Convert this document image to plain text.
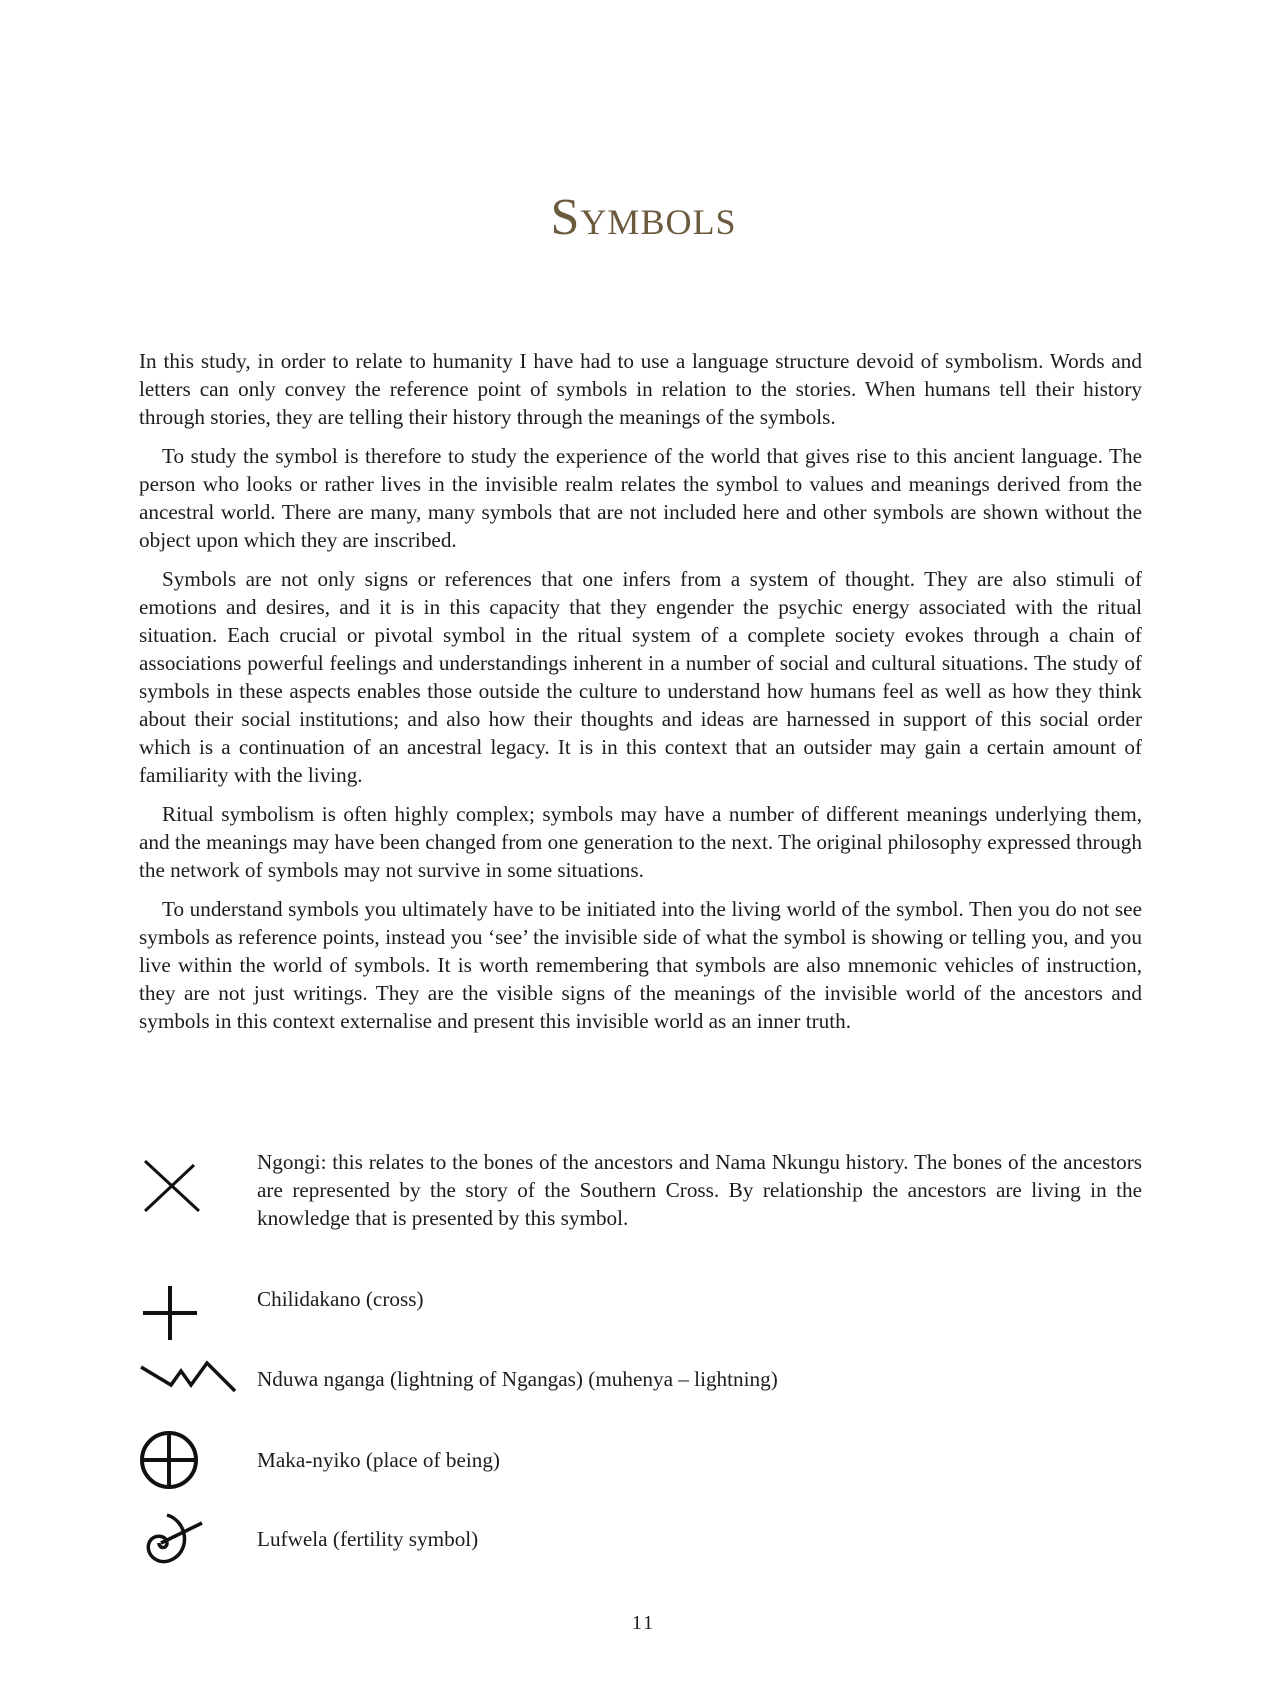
Symbols

In this study, in order to relate to humanity I have had to use a language structure devoid of symbolism. Words and letters can only convey the reference point of symbols in relation to the stories. When humans tell their history through stories, they are telling their history through the meanings of the symbols.

To study the symbol is therefore to study the experience of the world that gives rise to this ancient language. The person who looks or rather lives in the invisible realm relates the symbol to values and meanings derived from the ancestral world. There are many, many symbols that are not included here and other symbols are shown without the object upon which they are inscribed.

Symbols are not only signs or references that one infers from a system of thought. They are also stimuli of emotions and desires, and it is in this capacity that they engender the psychic energy associated with the ritual situation. Each crucial or pivotal symbol in the ritual system of a complete society evokes through a chain of associations powerful feelings and understandings inherent in a number of social and cultural situations. The study of symbols in these aspects enables those outside the culture to understand how humans feel as well as how they think about their social institutions; and also how their thoughts and ideas are harnessed in support of this social order which is a continuation of an ancestral legacy. It is in this context that an outsider may gain a certain amount of familiarity with the living.

Ritual symbolism is often highly complex; symbols may have a number of different meanings underlying them, and the meanings may have been changed from one generation to the next. The original philosophy expressed through the network of symbols may not survive in some situations.

To understand symbols you ultimately have to be initiated into the living world of the symbol. Then you do not see symbols as reference points, instead you ‘see’ the invisible side of what the symbol is showing or telling you, and you live within the world of symbols. It is worth remembering that symbols are also mnemonic vehicles of instruction, they are not just writings. They are the visible signs of the meanings of the invisible world of the ancestors and symbols in this context externalise and present this invisible world as an inner truth.

Ngongi: this relates to the bones of the ancestors and Nama Nkungu history. The bones of the ancestors are represented by the story of the Southern Cross. By relationship the ancestors are living in the knowledge that is presented by this symbol.
Chilidakano (cross)
Nduwa nganga (lightning of Ngangas) (muhenya – lightning)
Maka-nyiko (place of being)
Lufwela (fertility symbol)
11
